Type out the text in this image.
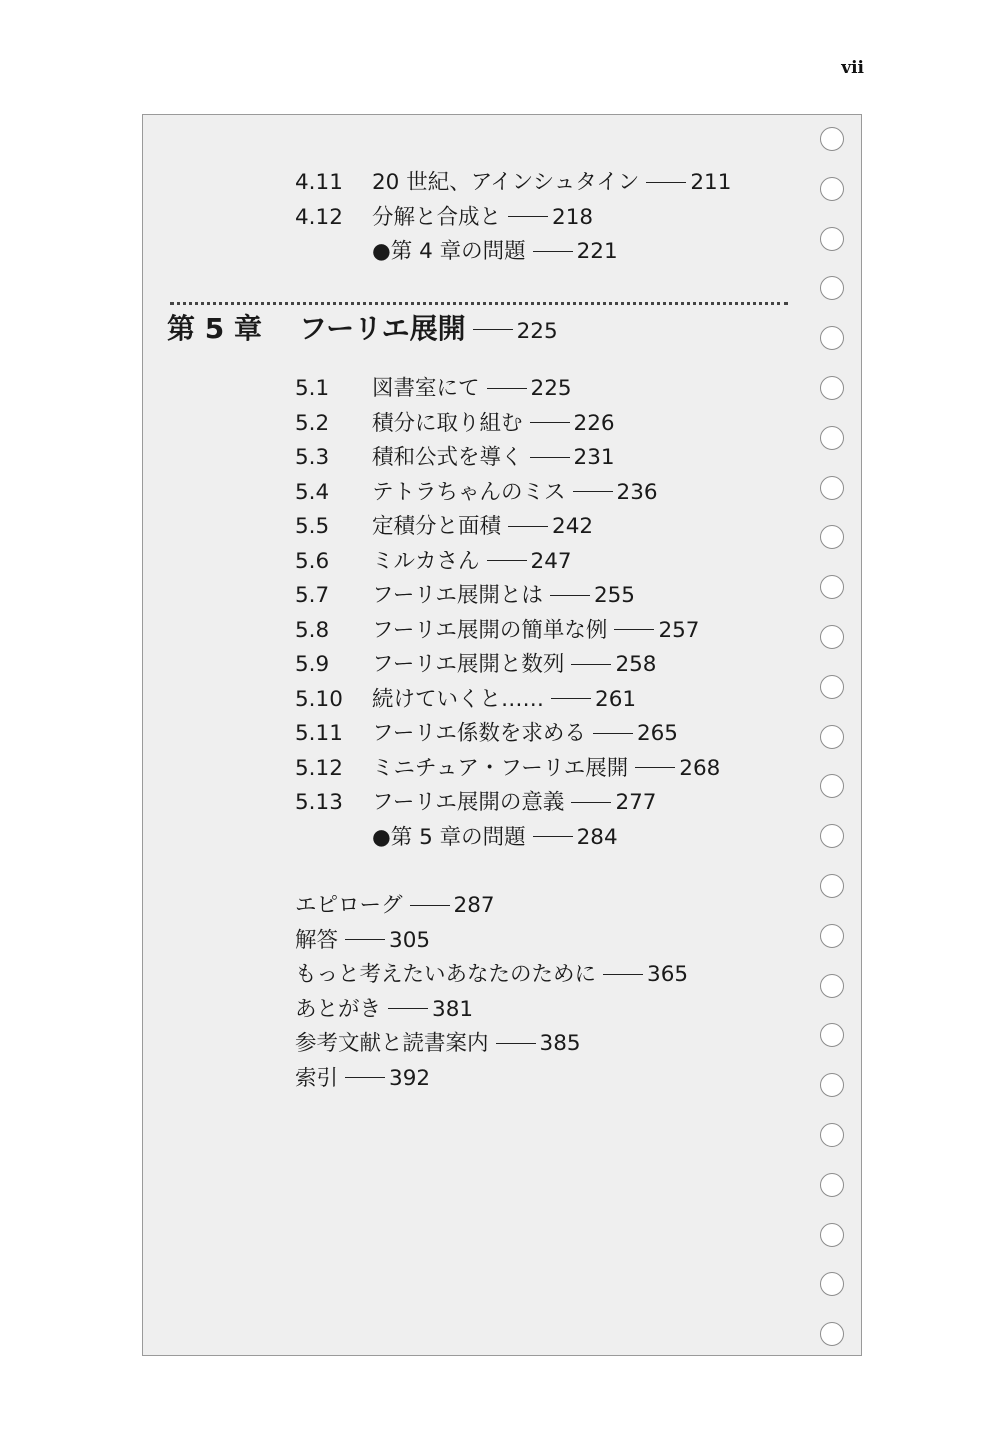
vii
4.11 20 世紀、アインシュタイン 211
4.12 分解と合成と 218
●第 4 章の問題 221
第 5 章 フーリエ展開 225
5.1 図書室にて 225
5.2 積分に取り組む 226
5.3 積和公式を導く 231
5.4 テトラちゃんのミス 236
5.5 定積分と面積 242
5.6 ミルカさん 247
5.7 フーリエ展開とは 255
5.8 フーリエ展開の簡単な例 257
5.9 フーリエ展開と数列 258
5.10 続けていくと…… 261
5.11 フーリエ係数を求める 265
5.12 ミニチュア・フーリエ展開 268
5.13 フーリエ展開の意義 277
●第 5 章の問題 284
エピローグ 287
解答 305
もっと考えたいあなたのために 365
あとがき 381
参考文献と読書案内 385
索引 392
